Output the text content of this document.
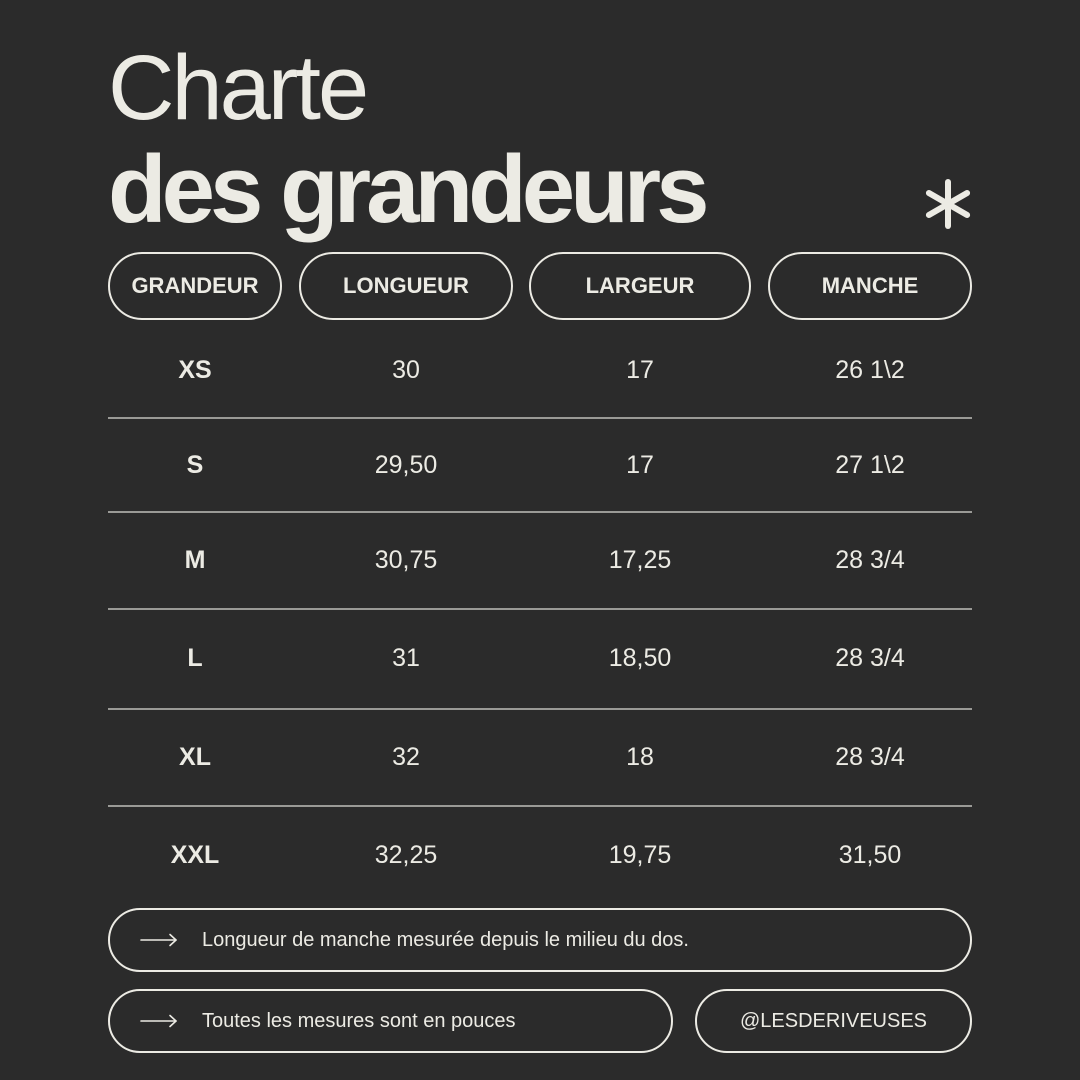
Charte
des grandeurs
GRANDEUR	LONGUEUR	LARGEUR	MANCHE
XS	30	17	26 1\2
S	29,50	17	27 1\2
M	30,75	17,25	28 3/4
L	31	18,50	28 3/4
XL	32	18	28 3/4
XXL	32,25	19,75	31,50
Longueur de manche mesurée depuis le milieu du dos.
Toutes les mesures sont en pouces	@LESDERIVEUSES
